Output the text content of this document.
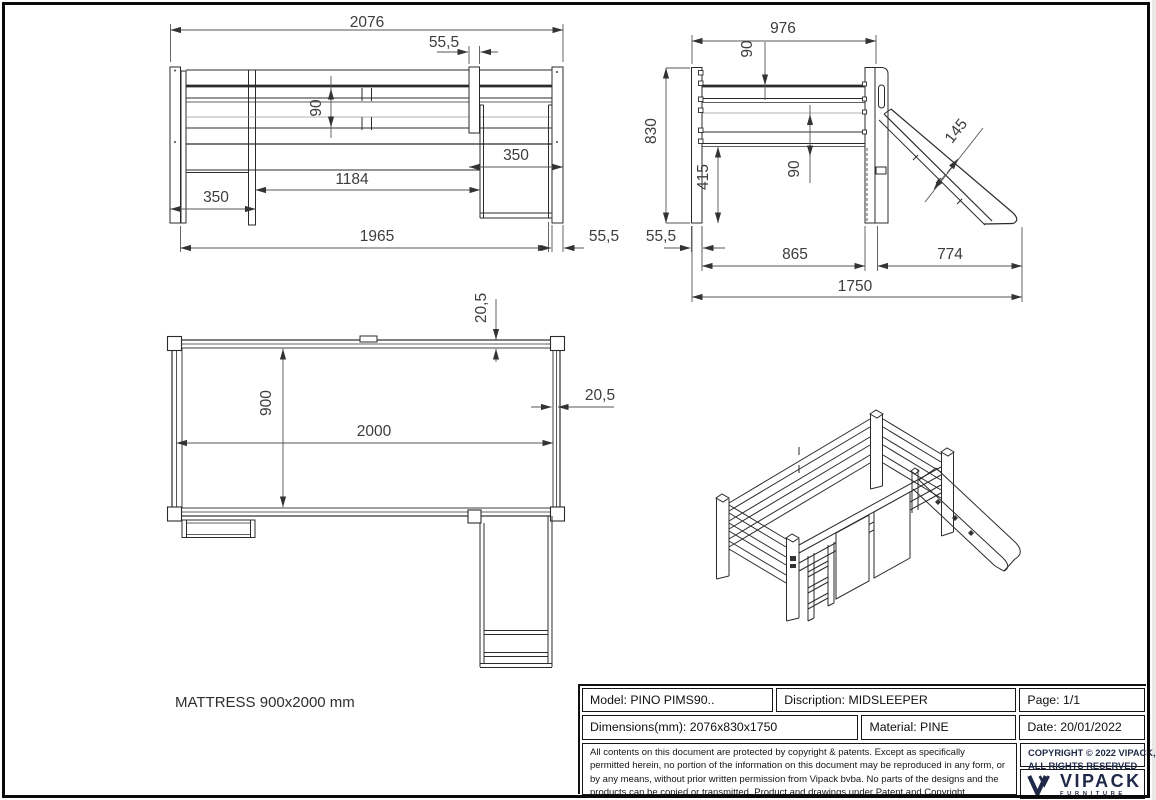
2076
55,5
90
350
1184
350
1965	55,5
976
90
830
415	90
145
55,5
865	774
1750
20,5
20,5
900
2000
MATTRESS 900x2000 mm	Model: PINO PIMS90..	Discription: MIDSLEEPER	Page: 1/1
Dimensions(mm): 2076x830x1750	Material: PINE	Date: 20/01/2022
All contents on this document are protected by copyright & patents. Except as specifically
permitted herein, no portion of the information on this document may be reproduced in any form, or
by any means, without prior written permission from Vipack bvba. No parts of the designs and the
products can be copied or transmitted. Product and drawings under Patent and Copyright.
COPYRIGHT © 2022 VIPACK,
ALL RIGHTS RESERVED
VIPACK
FURNITURE
